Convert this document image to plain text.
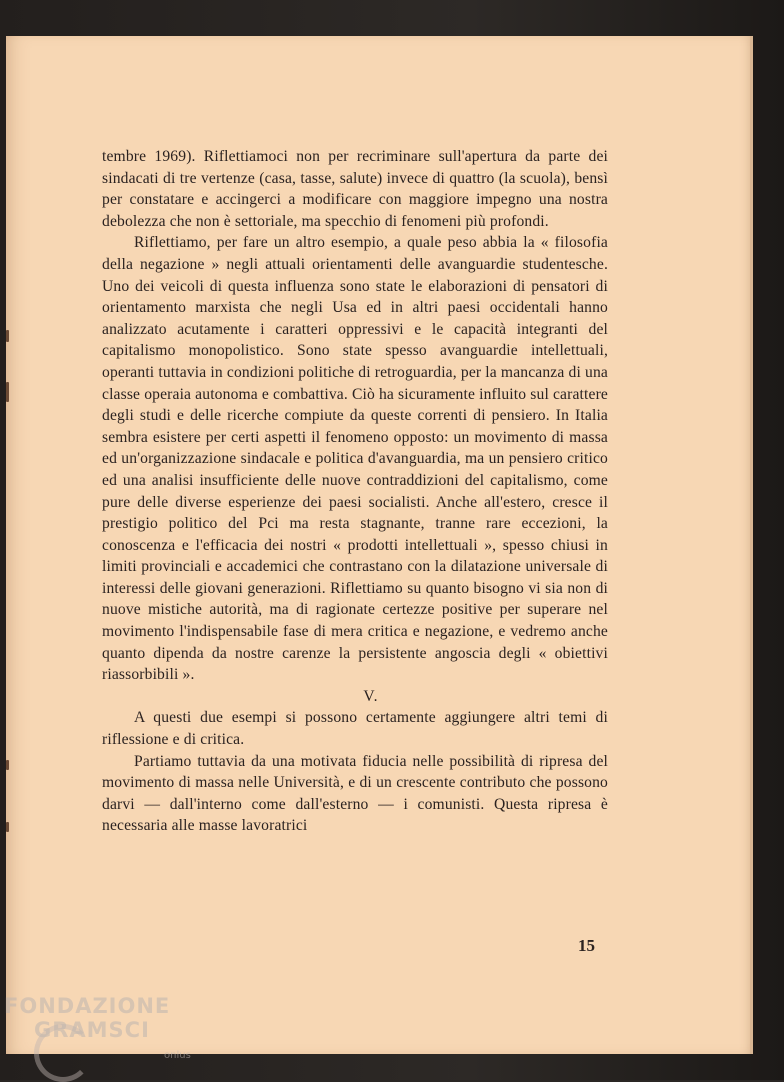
tembre 1969). Riflettiamoci non per recriminare sull'apertura da parte dei sindacati di tre vertenze (casa, tasse, salute) invece di quattro (la scuola), bensì per constatare e accingerci a modificare con maggiore impegno una nostra debolezza che non è settoriale, ma specchio di fenomeni più profondi.

Riflettiamo, per fare un altro esempio, a quale peso abbia la « filosofia della negazione » negli attuali orientamenti delle avanguardie studentesche. Uno dei veicoli di questa influenza sono state le elaborazioni di pensatori di orientamento marxista che negli Usa ed in altri paesi occidentali hanno analizzato acutamente i caratteri oppressivi e le capacità integranti del capitalismo monopolistico. Sono state spesso avanguardie intellettuali, operanti tuttavia in condizioni politiche di retroguardia, per la mancanza di una classe operaia autonoma e combattiva. Ciò ha sicuramente influito sul carattere degli studi e delle ricerche compiute da queste correnti di pensiero. In Italia sembra esistere per certi aspetti il fenomeno opposto: un movimento di massa ed un'organizzazione sindacale e politica d'avanguardia, ma un pensiero critico ed una analisi insufficiente delle nuove contraddizioni del capitalismo, come pure delle diverse esperienze dei paesi socialisti. Anche all'estero, cresce il prestigio politico del Pci ma resta stagnante, tranne rare eccezioni, la conoscenza e l'efficacia dei nostri « prodotti intellettuali », spesso chiusi in limiti provinciali e accademici che contrastano con la dilatazione universale di interessi delle giovani generazioni. Riflettiamo su quanto bisogno vi sia non di nuove mistiche autorità, ma di ragionate certezze positive per superare nel movimento l'indispensabile fase di mera critica e negazione, e vedremo anche quanto dipenda da nostre carenze la persistente angoscia degli « obiettivi riassorbibili ».

V.

A questi due esempi si possono certamente aggiungere altri temi di riflessione e di critica.

Partiamo tuttavia da una motivata fiducia nelle possibilità di ripresa del movimento di massa nelle Università, e di un crescente contributo che possono darvi — dall'interno come dall'esterno — i comunisti. Questa ripresa è necessaria alle masse lavoratrici

15
FONDAZIONE
GRAMSCI
onlus
